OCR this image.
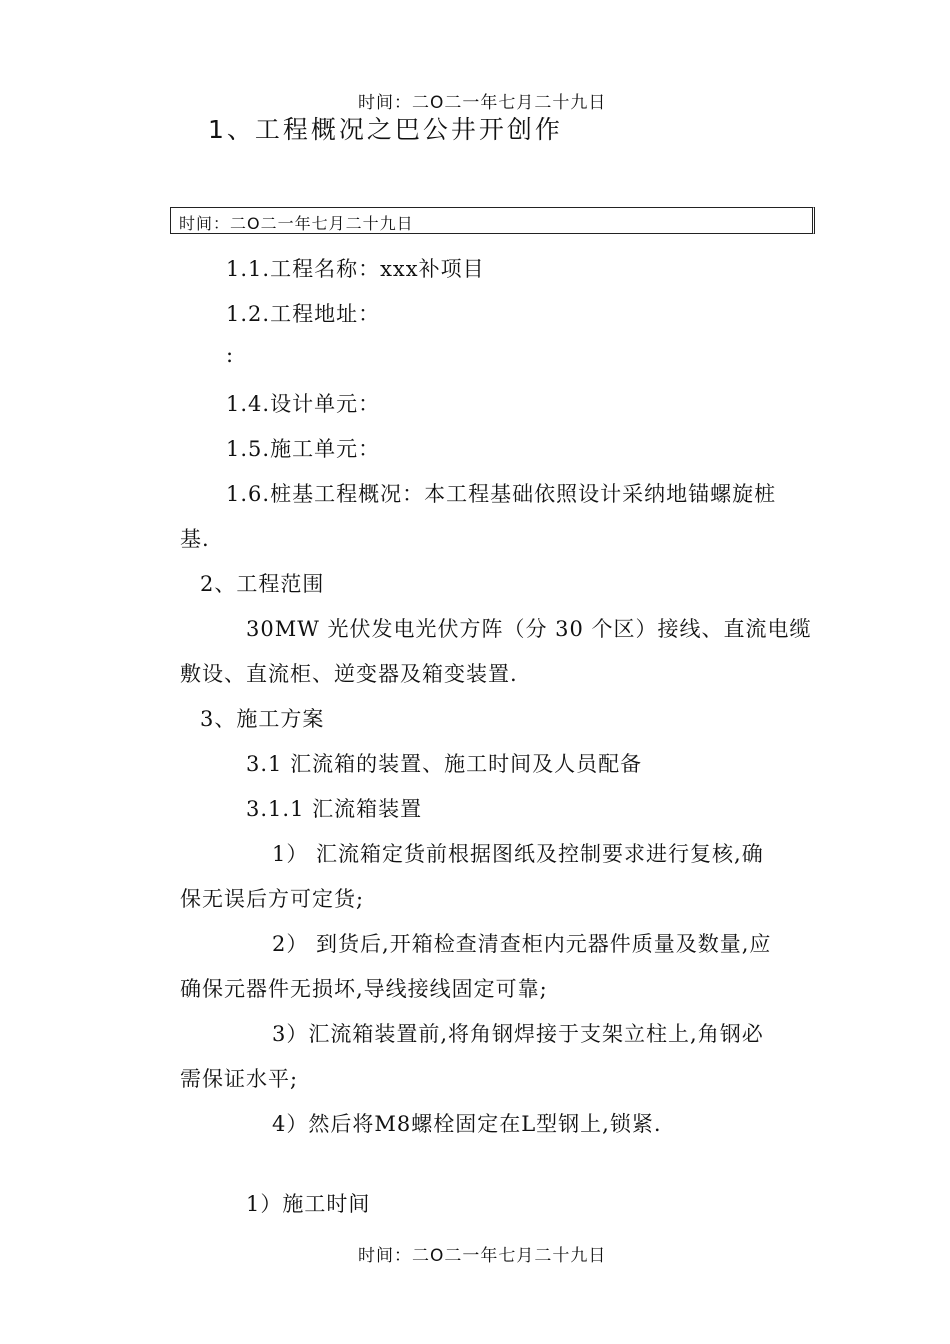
时间：二O二一年七月二十九日
1、工程概况之巴公井开创作
时间：二O二一年七月二十九日
1.1.工程名称：xxx补项目
1.2.工程地址：
:
1.4.设计单元：
1.5.施工单元：
1.6.桩基工程概况：本工程基础依照设计采纳地锚螺旋桩
基.
2、工程范围
30MW 光伏发电光伏方阵（分 30 个区）接线、直流电缆
敷设、直流柜、逆变器及箱变装置.
3、施工方案
3.1 汇流箱的装置、施工时间及人员配备
3.1.1 汇流箱装置
1） 汇流箱定货前根据图纸及控制要求进行复核,确
保无误后方可定货;
2） 到货后,开箱检查清查柜内元器件质量及数量,应
确保元器件无损坏,导线接线固定可靠;
3）汇流箱装置前,将角钢焊接于支架立柱上,角钢必
需保证水平;
4）然后将M8螺栓固定在L型钢上,锁紧.
1）施工时间
时间：二O二一年七月二十九日
